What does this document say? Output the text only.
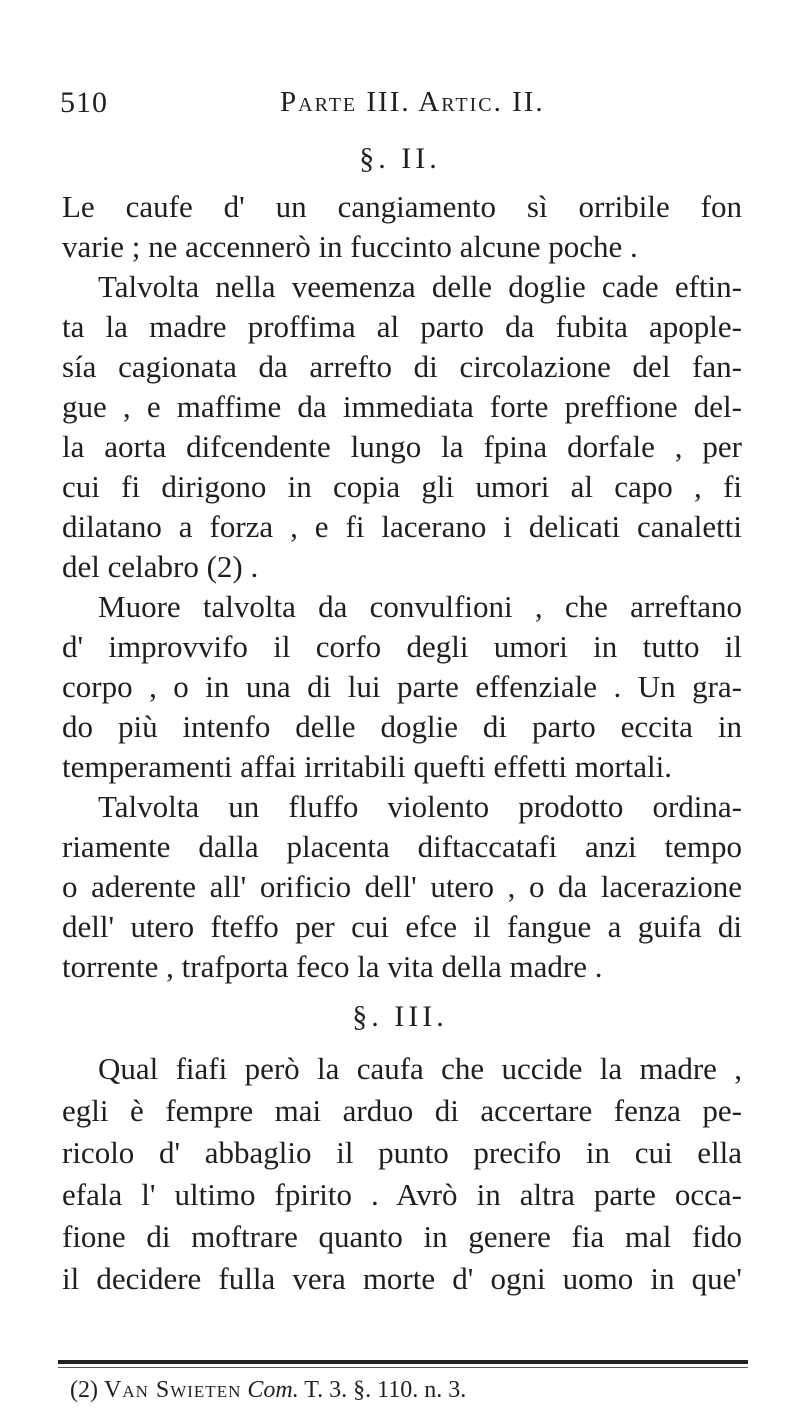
510	Parte III. Artic. II.
§. II.
Le caufe d' un cangiamento sì orribile fon
varie ; ne accennerò in fuccinto alcune poche .
Talvolta nella veemenza delle doglie cade eftin-
ta la madre proffima al parto da fubita apople-
sía cagionata da arrefto di circolazione del fan-
gue , e maffime da immediata forte preffione del-
la aorta difcendente lungo la fpina dorfale , per
cui fi dirigono in copia gli umori al capo , fi
dilatano a forza , e fi lacerano i delicati canaletti
del celabro (2) .
Muore talvolta da convulfioni , che arreftano
d' improvvifo il corfo degli umori in tutto il
corpo , o in una di lui parte effenziale . Un gra-
do più intenfo delle doglie di parto eccita in
temperamenti affai irritabili quefti effetti mortali.
Talvolta un fluffo violento prodotto ordina-
riamente dalla placenta diftaccatafi anzi tempo
o aderente all' orificio dell' utero , o da lacerazione
dell' utero fteffo per cui efce il fangue a guifa di
torrente , trafporta feco la vita della madre .
§. III.
Qual fiafi però la caufa che uccide la madre ,
egli è fempre mai arduo di accertare fenza pe-
ricolo d' abbaglio il punto precifo in cui ella
efala l' ultimo fpirito . Avrò in altra parte occa-
fione di moftrare quanto in genere fia mal fido
il decidere fulla vera morte d' ogni uomo in que'
(2) Van Swieten Com. T. 3. §. 110. n. 3.
